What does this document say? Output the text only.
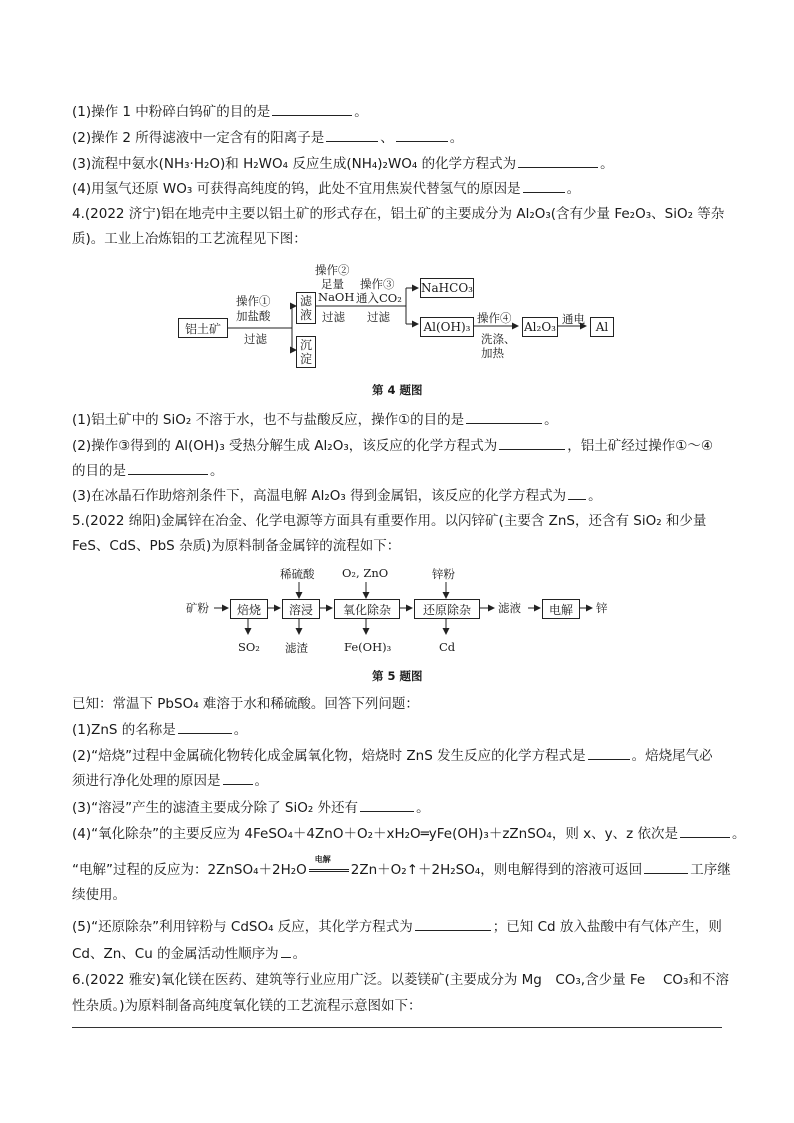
(1)操作 1 中粉碎白钨矿的目的是	。
(2)操作 2 所得滤液中一定含有的阳离子是	、	。
(3)流程中氨水(NH₃·H₂O)和 H₂WO₄ 反应生成(NH₄)₂WO₄ 的化学方程式为	。
(4)用氢气还原 WO₃ 可获得高纯度的钨，此处不宜用焦炭代替氢气的原因是	。
4.(2022 济宁)铝在地壳中主要以铝土矿的形式存在，铝土矿的主要成分为 Al₂O₃(含有少量 Fe₂O₃、SiO₂ 等杂
质)。工业上冶炼铝的工艺流程见下图：
铝土矿
操作①
加盐酸
过滤
滤
液
沉
淀
操作②
足量
NaOH
过滤
操作③
通入CO₂
过滤
NaHCO₃
Al(OH)₃
操作④
洗涤、
加热
Al₂O₃
通电
Al
第 4 题图
(1)铝土矿中的 SiO₂ 不溶于水，也不与盐酸反应，操作①的目的是	。
(2)操作③得到的 Al(OH)₃ 受热分解生成 Al₂O₃，该反应的化学方程式为	，铝土矿经过操作①～④
的目的是	。
(3)在冰晶石作助熔剂条件下，高温电解 Al₂O₃ 得到金属铝，该反应的化学方程式为 。
5.(2022 绵阳)金属锌在冶金、化学电源等方面具有重要作用。以闪锌矿(主要含 ZnS，还含有 SiO₂ 和少量
FeS、CdS、PbS 杂质)为原料制备金属锌的流程如下：
矿粉	焙烧	溶浸	氧化除杂	还原除杂	滤液	电解	锌
稀硫酸 O₂, ZnO	锌粉
SO₂ 滤渣	Fe(OH)₃	Cd
第 5 题图
已知：常温下 PbSO₄ 难溶于水和稀硫酸。回答下列问题：
(1)ZnS 的名称是	。
(2)“焙烧”过程中金属硫化物转化成金属氧化物，焙烧时 ZnS 发生反应的化学方程式是	。焙烧尾气必
须进行净化处理的原因是	。
(3)“溶浸”产生的滤渣主要成分除了 SiO₂ 外还有	。
(4)“氧化除杂”的主要反应为 4FeSO₄＋4ZnO＋O₂＋xH₂O═yFe(OH)₃＋zZnSO₄，则 x、y、z 依次是	。
“电解”过程的反应为：2ZnSO₄＋2H₂O
电解
2Zn＋O₂↑＋2H₂SO₄，则电解得到的溶液可返回	工序继
续使用。
(5)“还原除杂”利用锌粉与 CdSO₄ 反应，其化学方程式为	；已知 Cd 放入盐酸中有气体产生，则
Cd、Zn、Cu 的金属活动性顺序为 。
6.(2022 雅安)氧化镁在医药、建筑等行业应用广泛。以菱镁矿(主要成分为 Mg　CO₃,含少量 Fe　 CO₃和不溶
性杂质。)为原料制备高纯度氧化镁的工艺流程示意图如下：
